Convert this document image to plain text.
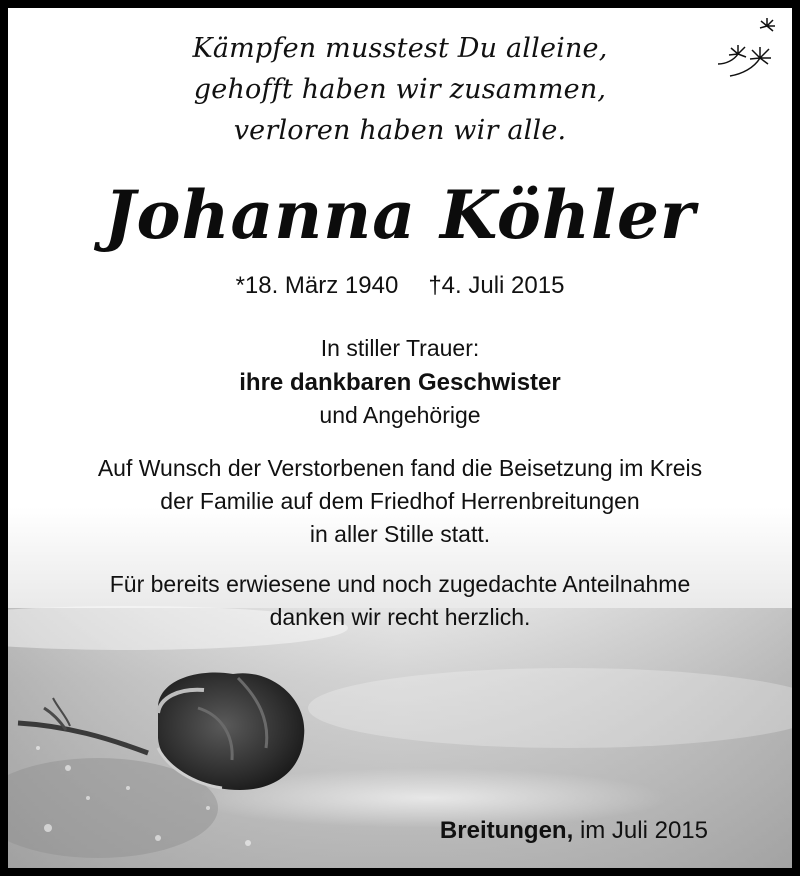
Kämpfen musstest Du alleine,
gehofft haben wir zusammen,
verloren haben wir alle.
Johanna Köhler
*18. März 1940 †4. Juli 2015
In stiller Trauer:
ihre dankbaren Geschwister
und Angehörige
Auf Wunsch der Verstorbenen fand die Beisetzung im Kreis
der Familie auf dem Friedhof Herrenbreitungen
in aller Stille statt.
Für bereits erwiesene und noch zugedachte Anteilnahme
danken wir recht herzlich.
Breitungen, im Juli 2015
